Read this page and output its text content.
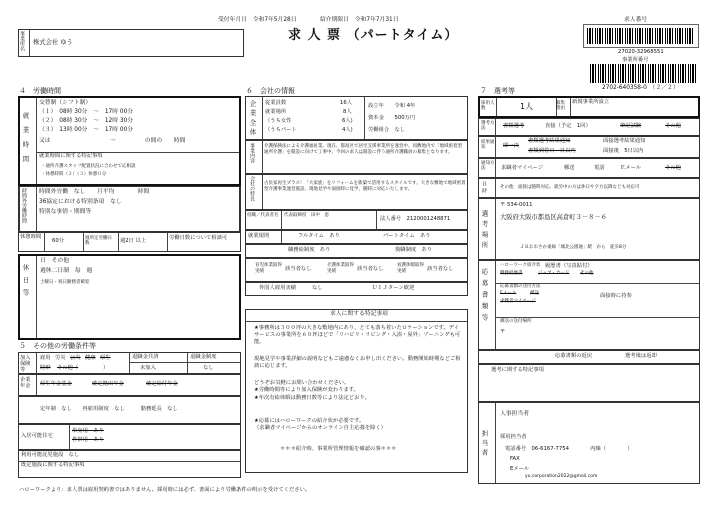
受付年月日　令和7年5月28日	紹介期限日　令和7年7月31日
求 人 票 （パートタイム）
求人番号
27020-32968551
事業所番号
2702-640358-0　（２／２）
事業所名 株式会社 ゆう
４　労働時間
就業時間
交替制（シフト制）
（１）　08時 30分　～　17時 00分
（２）　08時 30分　～　12時 30分
（３）　13時 00分　～　17時 00分
又は	～　　　　　の間の　　時間
就業時間に関する特記事項
・通所介護スタッフ配置状況に合わせて応相談
・休憩時間（２）（３）休憩０分
時間外労働時間 時間外労働　なし　　月平均　　　　時間
36協定における特別条項　なし
特別な事情・期間等
休憩時間
60分	週所定労働日数	週2日 以上	労働日数について相談可
休日等
日　その他
週休二日制　毎　週
土曜日・祝日勤務者歓迎
５　その他の労働条件等
加入保険等
雇用 労災 公災 健康 厚生
財形 その他（	）
退職金共済
未加入
退職金制度
なし
企業年金	厚生年金基金	確定拠出年金	確定給付年金
定年制　なし　　再雇用制度　なし　　　勤務延長　なし
入居可能住宅
単身用　あり
世帯用　あり
利用可能託児施設　なし
既定施設に関する特記事項
６　会社の情報
企業全体 従業員数	16人
就業場所	8人
（うち女性	6人)
（うちパート	4人)
設立年　　令和 4年
資本金　　500万円
労働組合　なし
事業内容 介護保険法による介護福祉業。現在、都島区で居宅支援事業所を運営中。同敷地内で「地域密着型通所介護」を開設に向けて工事中。今回の求人は開設に伴う通所介護職員の募集となります。
会社の特長 古民家再生プラス！「大家族」をリフォームを新築で活用するスタイルです。大きな敷地で地域密着型介護事業運営施設。現地見学や面接時に見学、随時に対応いたします。
役職／代表者名	代表取締役　田中　恵
法人番号　2120001248871
就業規則	フルタイム　あり	パートタイム　あり
職務給制度　あり	復職制度　あり
育児休業取得実績	該当者なし
介護休業取得実績	該当者なし
看護休暇取得実績	該当者なし
外国人雇用実績　　　なし	ＵＩＪターン歓迎
求人に関する特記事項
★事務所は３００坪の大きな敷地内にあり、とても落ち着いたロケーションです。デイサービスの事業所を６０坪ほどで「リハビリ・リビング・入浴・屋外」ゾーニングも可能。
現地見学や事業詳細の説明などもご遠慮なくお申し出ください。動務開始時期などご相談に応じます。
どうぞお気軽にお問い合わせください。
★労働時間等により加入保険が変わります。
★年次有給休暇は動務日数等により法定どおり。
★応募にはハローワークの紹介状が必要です。
（求職者マイページからのオンライン自主応募を除く）
＊＊＊紹介時、事業所管理情報を確認の事＊＊＊
７　選考等
採用人数	1人	募集理由
新規事業所設立
選考方法	書類選考	直接（予定　1回）	筆記試験	その他
結果通知	即一決
書類選考結果通知	面接選考結果通知
書類到着日　日以内	面接後　5日以内
通知方法	求職者マイページ	郵送	電話	Ｅメール	その他
日時	その他　面接は随時対応。就労中の方は休日や夕方以降なども対応可
選考場所
〒 534-0011
大阪府大阪市都島区高倉町３－８－６
ＪＲおおさか東線「城北公園通」駅　から　徒歩8分
応募書類等
ハローワーク紹介状 履歴書（写真貼付）
職務経歴書	ジョブ・カード その他
応募書類の送付方法
Eメール	郵送
求職者マイページ
面接時に持参
郵送の送付場所
〒
応募書類の返戻	選考後は返却
選考に関する特記事項
担当者
人事担当者
採用担当者
電話番号　06-6167-7754　　　　内線（　　　　）
FAX
Eメール
yu.corporation2022@gmail.com
ハローワークより：求人票は雇用契約書ではありません。採用時には必ず、書面により労働条件の明示を受けてください。
